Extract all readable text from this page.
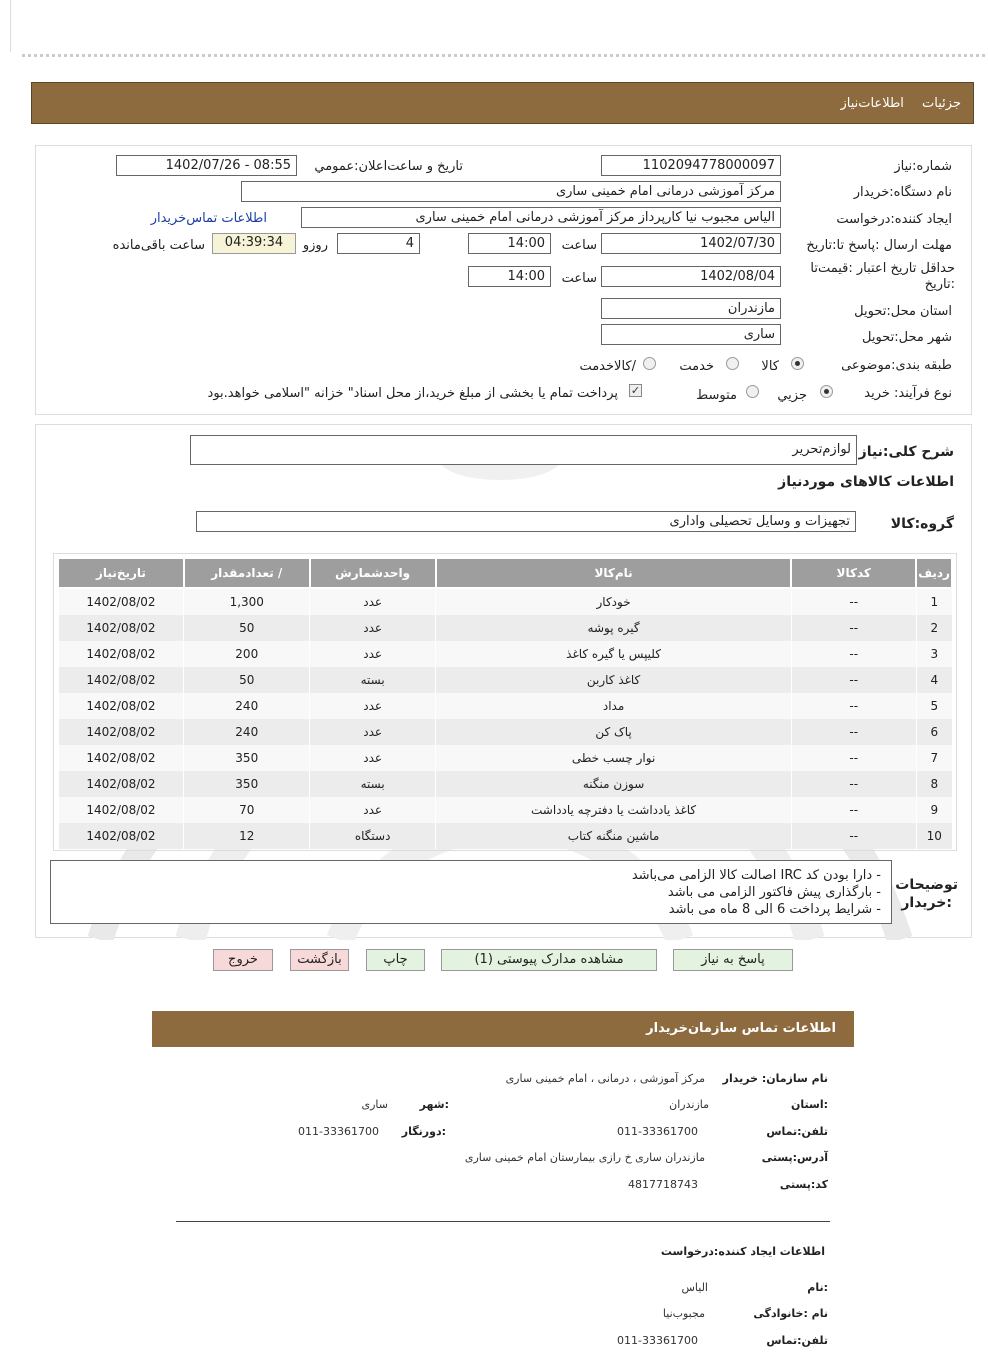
جزئیات اطلاعات‌نیاز
شماره:نیاز
1102094778000097
تاریخ و ساعت‌اعلان:عمومي
1402/07/26 - 08:55
نام دستگاه:خریدار
مرکز آموزشی درمانی امام خمینی ساری
ایجاد کننده:درخواست
الیاس مجبوب نیا کارپرداز مرکز آموزشی درمانی امام خمینی ساری
اطلاعات تماس‌خریدار
مهلت ارسال :پاسخ تا:تاریخ
1402/07/30
ساعت
14:00
4
روزو
04:39:34
ساعت باقی‌مانده
حداقل تاریخ اعتبار :قیمت‌تا :تاریخ
1402/08/04
ساعت
14:00
استان محل:تحویل
مازندران
شهر محل:تحویل
ساری
طبقه بندی:موضوعی
کالا
خدمت
/کالاخدمت
نوع فرآیند: خرید
جزيي
متوسط
✓
پرداخت تمام یا بخشی از مبلغ خرید،از محل اسناد" خزانه "اسلامی خواهد.بود
شرح کلی:نیاز
لوازم‌تحریر
اطلاعات کالاهای موردنیاز
گروه:کالا
تجهیزات و وسایل تحصیلی واداری
ردیف	کدکالا	نام‌کالا	واحدشمارش	/ تعدادمقدار	تاریخ‌نیاز
1	--	خودکار	عدد	1,300	1402/08/02
2	--	گیره پوشه	عدد	50	1402/08/02
3	--	کلیپس یا گیره کاغذ	عدد	200	1402/08/02
4	--	کاغذ کاربن	بسته	50	1402/08/02
5	--	مداد	عدد	240	1402/08/02
6	--	پاک کن	عدد	240	1402/08/02
7	--	نوار چسب خطی	عدد	350	1402/08/02
8	--	سوزن منگنه	بسته	350	1402/08/02
9	--	کاغذ یادداشت یا دفترچه یادداشت	عدد	70	1402/08/02
10	--	ماشین منگنه کتاب	دستگاه	12	1402/08/02
توضیحات
:خریدار
- دارا بودن کد IRC اصالت کالا الزامی می‌باشد
- بارگذاری پیش فاکتور الزامی می باشد
- شرایط پرداخت 6 الی 8 ماه می باشد
پاسخ به نیاز
مشاهده مدارک پیوستی (1)
چاپ
بازگشت
خروج
اطلاعات تماس سازمان‌خریدار
نام سازمان: خریدار
مرکز آموزشی ، درمانی ، امام خمینی ساری
:استان
مازندران
:شهر
ساری
تلفن:تماس
011-33361700
:دورنگار
011-33361700
آدرس:پستی
مازندران ساری خ رازی بیمارستان امام خمینی ساری
کد:پستی
4817718743
اطلاعات ایجاد کننده:درخواست
:نام
الیاس
نام :خانوادگی
مجبوب‌نیا
تلفن:تماس
011-33361700
